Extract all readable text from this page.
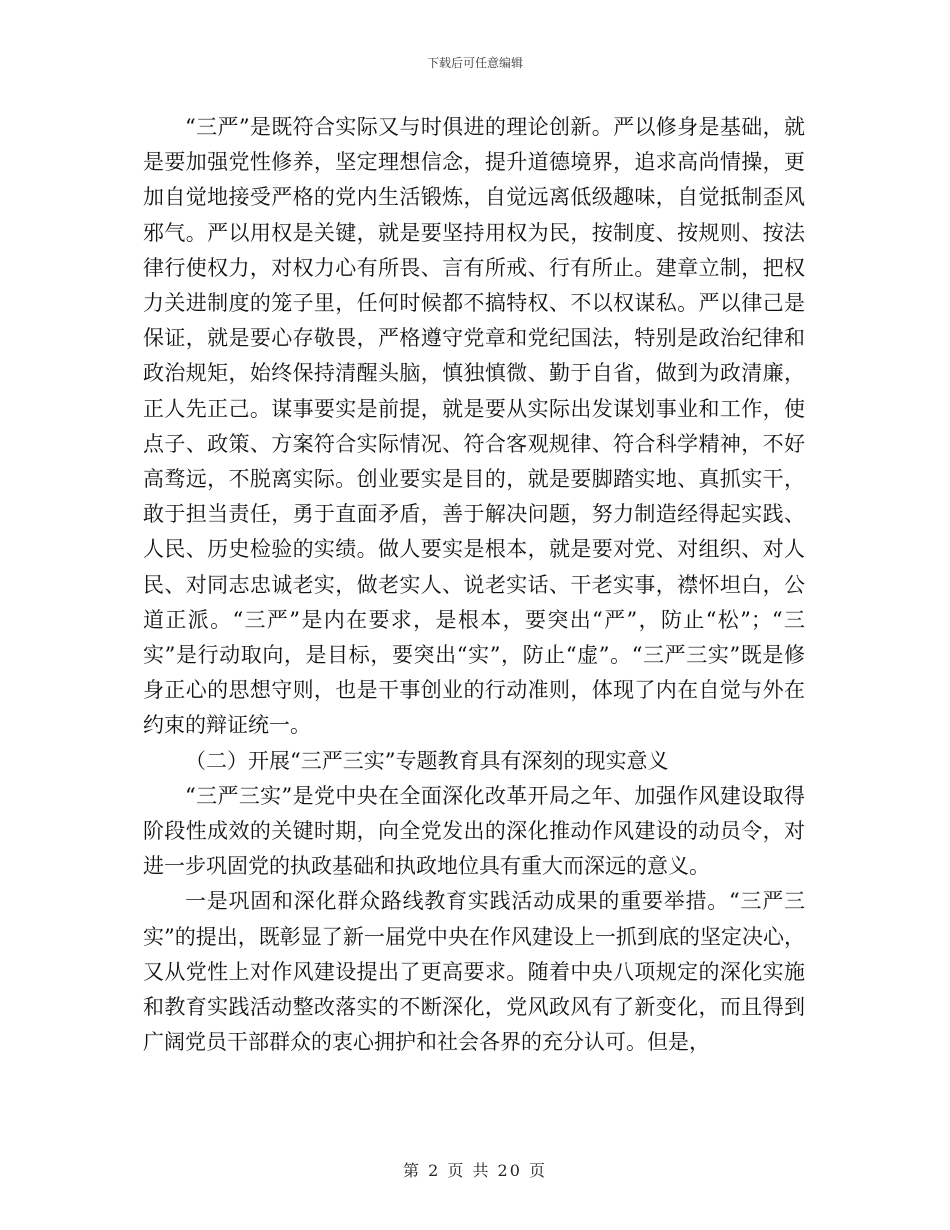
下载后可任意编辑

“三严”是既符合实际又与时俱进的理论创新。严以修身是基础，就是要加强党性修养，坚定理想信念，提升道德境界，追求高尚情操，更加自觉地接受严格的党内生活锻炼，自觉远离低级趣味，自觉抵制歪风邪气。严以用权是关键，就是要坚持用权为民，按制度、按规则、按法律行使权力，对权力心有所畏、言有所戒、行有所止。建章立制，把权力关进制度的笼子里，任何时候都不搞特权、不以权谋私。严以律己是保证，就是要心存敬畏，严格遵守党章和党纪国法，特别是政治纪律和政治规矩，始终保持清醒头脑，慎独慎微、勤于自省，做到为政清廉，正人先正己。谋事要实是前提，就是要从实际出发谋划事业和工作，使点子、政策、方案符合实际情况、符合客观规律、符合科学精神，不好高骛远，不脱离实际。创业要实是目的，就是要脚踏实地、真抓实干，敢于担当责任，勇于直面矛盾，善于解决问题，努力制造经得起实践、人民、历史检验的实绩。做人要实是根本，就是要对党、对组织、对人民、对同志忠诚老实，做老实人、说老实话、干老实事，襟怀坦白，公道正派。“三严”是内在要求，是根本，要突出“严”，防止“松”；“三实”是行动取向，是目标，要突出“实”，防止“虚”。“三严三实”既是修身正心的思想守则，也是干事创业的行动准则，体现了内在自觉与外在约束的辩证统一。

（二）开展“三严三实”专题教育具有深刻的现实意义

“三严三实”是党中央在全面深化改革开局之年、加强作风建设取得阶段性成效的关键时期，向全党发出的深化推动作风建设的动员令，对进一步巩固党的执政基础和执政地位具有重大而深远的意义。

一是巩固和深化群众路线教育实践活动成果的重要举措。“三严三实”的提出，既彰显了新一届党中央在作风建设上一抓到底的坚定决心，又从党性上对作风建设提出了更高要求。随着中央八项规定的深化实施和教育实践活动整改落实的不断深化，党风政风有了新变化，而且得到广阔党员干部群众的衷心拥护和社会各界的充分认可。但是，

第 2 页 共 20 页
